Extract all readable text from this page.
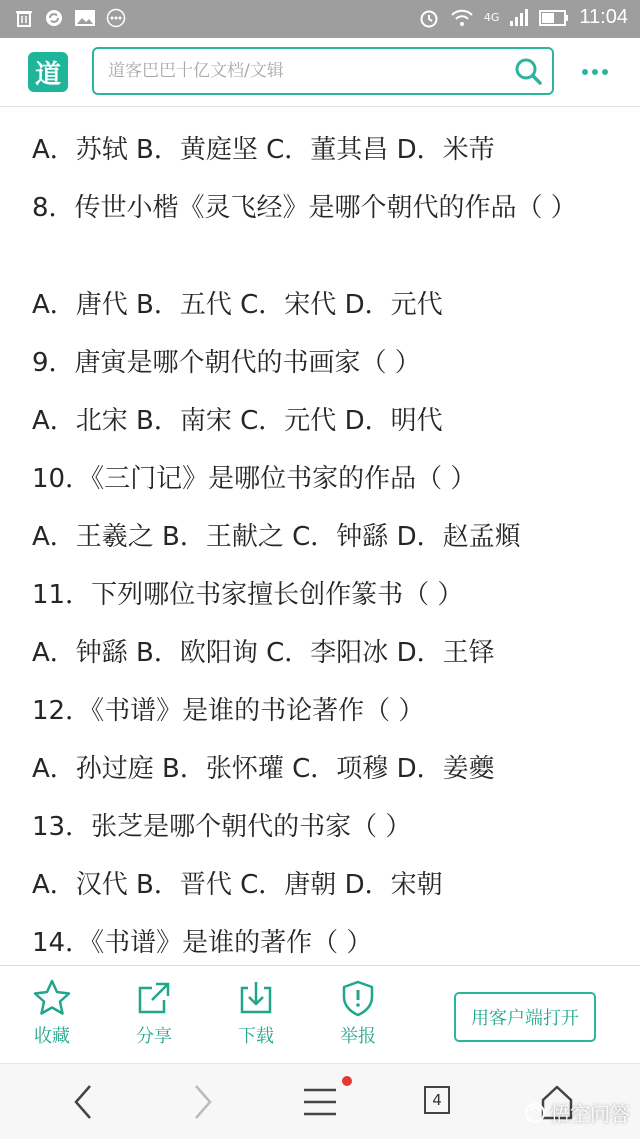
4G	11:04
道
道客巴巴十亿文档/文辑
A．苏轼 B．黄庭坚 C．董其昌 D．米芾
8．传世小楷《灵飞经》是哪个朝代的作品（ ）
A．唐代 B．五代 C．宋代 D．元代
9．唐寅是哪个朝代的书画家（ ）
A．北宋 B．南宋 C．元代 D．明代
10．《三门记》是哪位书家的作品（ ）
A．王羲之 B．王献之 C．钟繇 D．赵孟頫
11．下列哪位书家擅长创作篆书（ ）
A．钟繇 B．欧阳询 C．李阳冰 D．王铎
12．《书谱》是谁的书论著作（ ）
A．孙过庭 B．张怀瓘 C．项穆 D．姜夔
13．张芝是哪个朝代的书家（ ）
A．汉代 B．晋代 C．唐朝 D．宋朝
14．《书谱》是谁的著作（ ）
收藏	分享	下载	举报
用客户端打开
4
悟空问答
